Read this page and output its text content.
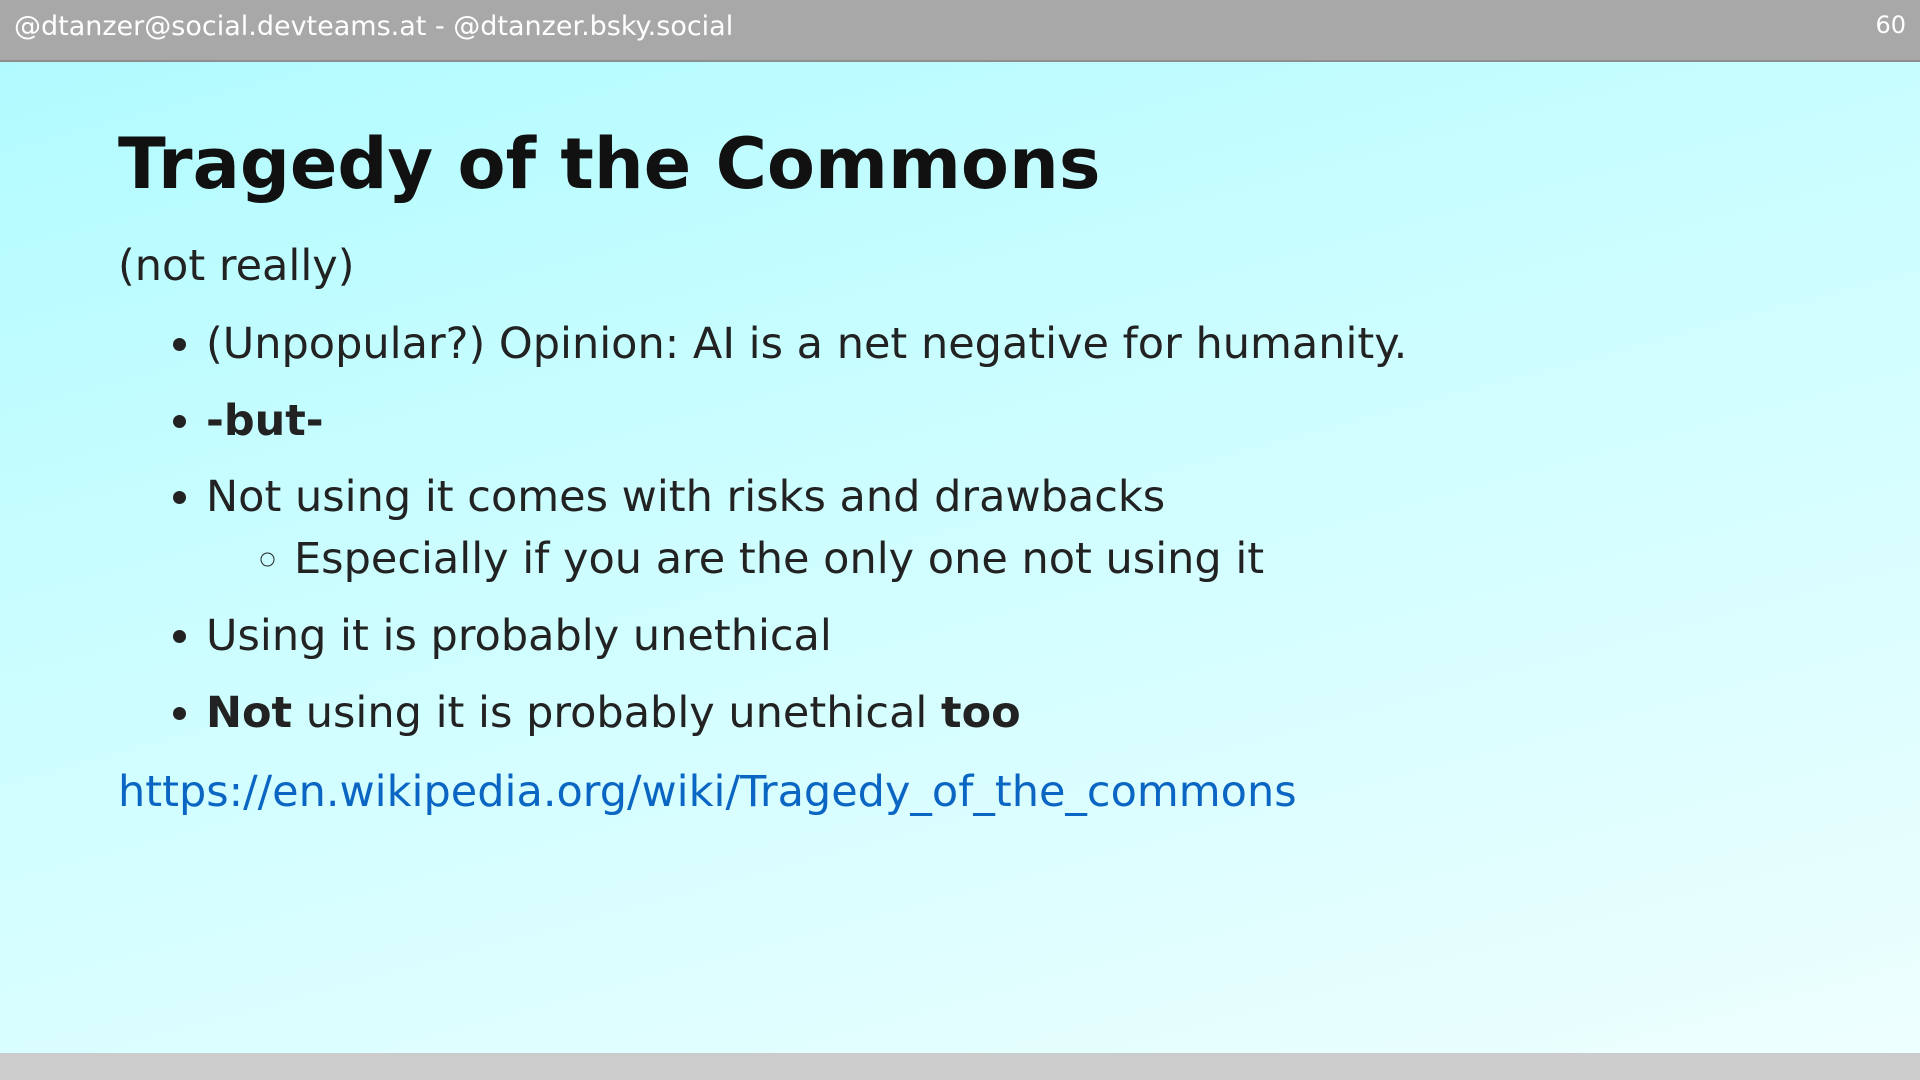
@dtanzer@social.devteams.at - @dtanzer.bsky.social	60
Tragedy of the Commons
(not really)
• (Unpopular?) Opinion: AI is a net negative for humanity.
• -but-
• Not using it comes with risks and drawbacks
◦ Especially if you are the only one not using it
• Using it is probably unethical
• Not using it is probably unethical too
https://en.wikipedia.org/wiki/Tragedy_of_the_commons
